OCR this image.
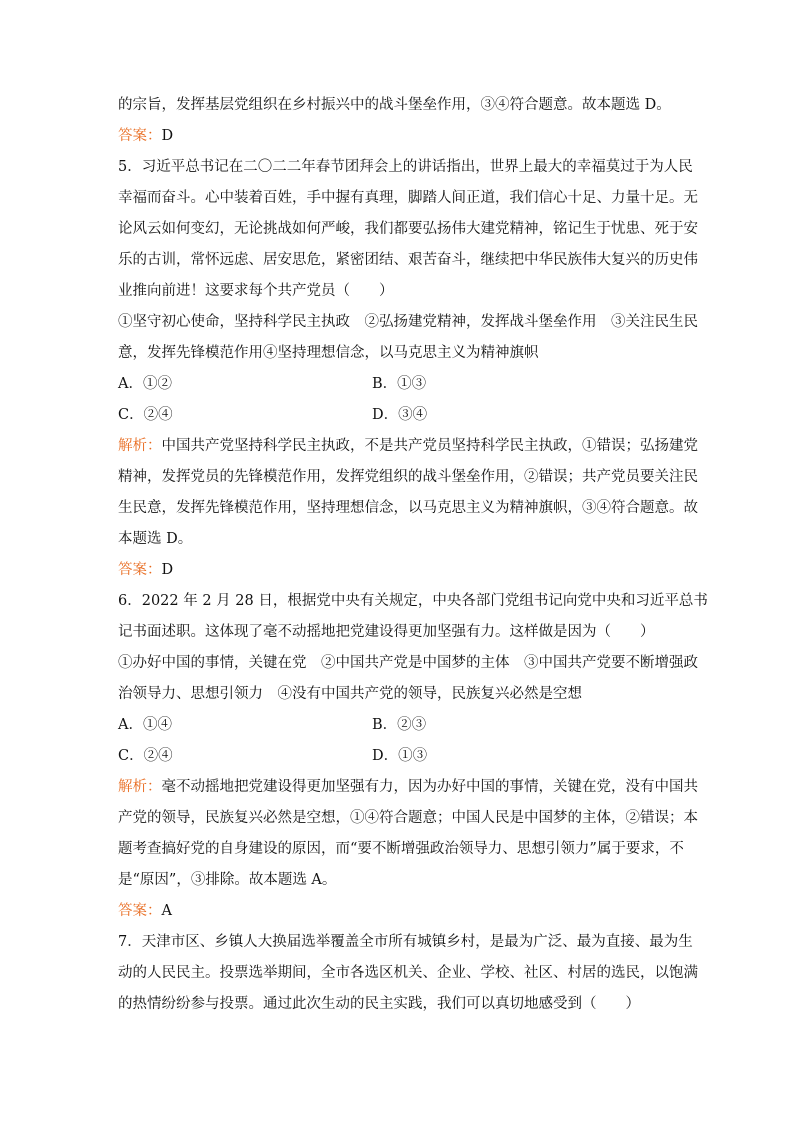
的宗旨，发挥基层党组织在乡村振兴中的战斗堡垒作用，③④符合题意。故本题选 D。

答案：D

5．习近平总书记在二〇二二年春节团拜会上的讲话指出，世界上最大的幸福莫过于为人民

幸福而奋斗。心中装着百姓，手中握有真理，脚踏人间正道，我们信心十足、力量十足。无

论风云如何变幻，无论挑战如何严峻，我们都要弘扬伟大建党精神，铭记生于忧患、死于安

乐的古训，常怀远虑、居安思危，紧密团结、艰苦奋斗，继续把中华民族伟大复兴的历史伟

业推向前进！这要求每个共产党员（　　）

①坚守初心使命，坚持科学民主执政　②弘扬建党精神，发挥战斗堡垒作用　③关注民生民

意，发挥先锋模范作用④坚持理想信念，以马克思主义为精神旗帜

A．①②	B．①③
C．②④	D．③④

解析：中国共产党坚持科学民主执政，不是共产党员坚持科学民主执政，①错误；弘扬建党

精神，发挥党员的先锋模范作用，发挥党组织的战斗堡垒作用，②错误；共产党员要关注民

生民意，发挥先锋模范作用，坚持理想信念，以马克思主义为精神旗帜，③④符合题意。故

本题选 D。

答案：D

6．2022 年 2 月 28 日，根据党中央有关规定，中央各部门党组书记向党中央和习近平总书

记书面述职。这体现了毫不动摇地把党建设得更加坚强有力。这样做是因为（　　）

①办好中国的事情，关键在党　②中国共产党是中国梦的主体　③中国共产党要不断增强政

治领导力、思想引领力　④没有中国共产党的领导，民族复兴必然是空想

A．①④	B．②③
C．②④	D．①③

解析：毫不动摇地把党建设得更加坚强有力，因为办好中国的事情，关键在党，没有中国共

产党的领导，民族复兴必然是空想，①④符合题意；中国人民是中国梦的主体，②错误；本

题考查搞好党的自身建设的原因，而“要不断增强政治领导力、思想引领力”属于要求，不

是“原因”，③排除。故本题选 A。

答案：A

7．天津市区、乡镇人大换届选举覆盖全市所有城镇乡村，是最为广泛、最为直接、最为生

动的人民民主。投票选举期间，全市各选区机关、企业、学校、社区、村居的选民，以饱满

的热情纷纷参与投票。通过此次生动的民主实践，我们可以真切地感受到（　　）
